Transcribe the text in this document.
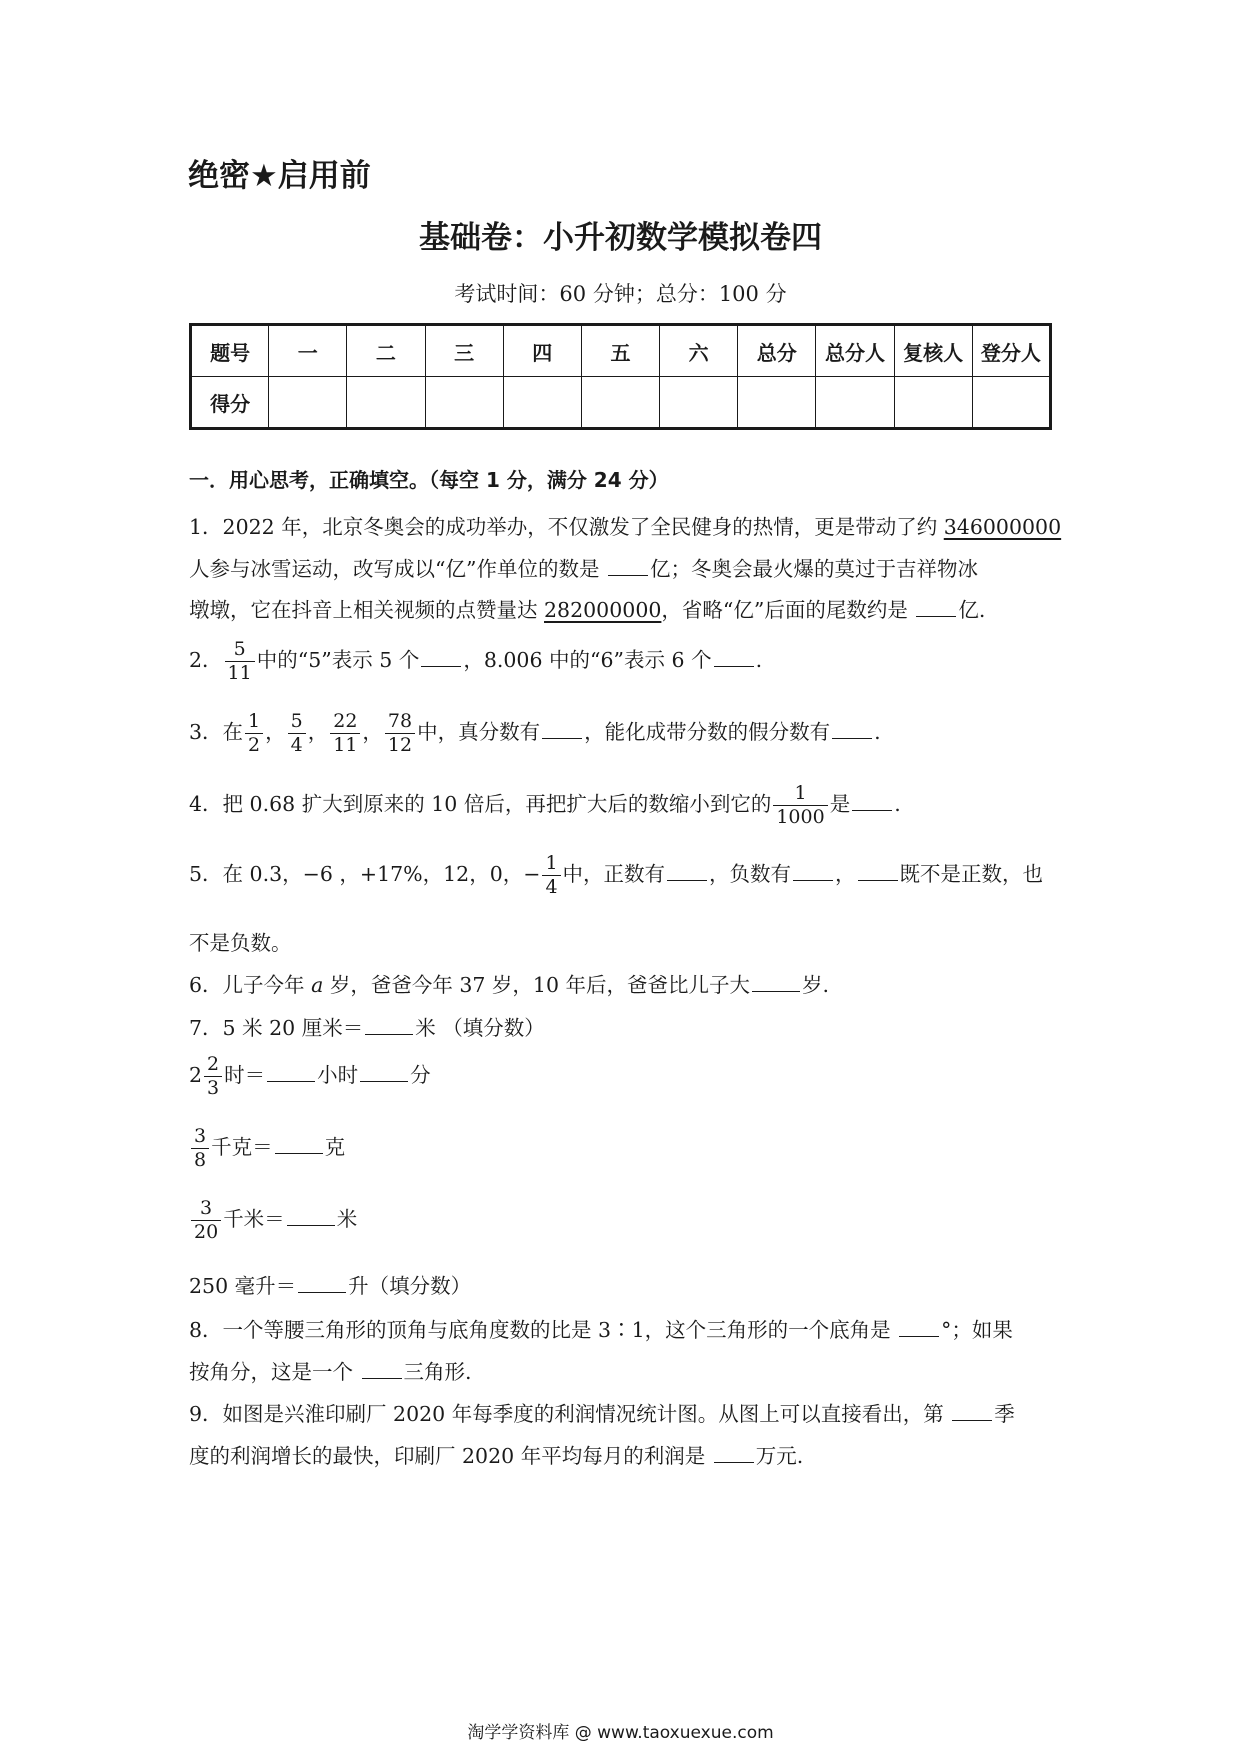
绝密★启用前
基础卷：小升初数学模拟卷四
考试时间：60 分钟；总分：100 分
题号	一	二	三	四	五	六	总分	总分人	复核人	登分人
得分										
一．用心思考，正确填空。（每空 1 分，满分 24 分）
1．2022 年，北京冬奥会的成功举办，不仅激发了全民健身的热情，更是带动了约 346000000
人参与冰雪运动，改写成以“亿”作单位的数是 亿；冬奥会最火爆的莫过于吉祥物冰
墩墩，它在抖音上相关视频的点赞量达 282000000，省略“亿”后面的尾数约是 亿.
2． $\frac{5}{11}$ 中的“5”表示 5 个 ，8.006 中的“6”表示 6 个 .
3．在 $\frac{1}{2}$ ， $\frac{5}{4}$ ， $\frac{22}{11}$ ， $\frac{78}{12}$ 中，真分数有 ，能化成带分数的假分数有 .
4．把 0.68 扩大到原来的 10 倍后，再把扩大后的数缩小到它的 $\frac{1}{1000}$ 是 .
5．在 0.3，−6 ，+17%，12，0，− $\frac{1}{4}$ 中，正数有 ，负数有 ， 既不是正数，也
不是负数。
6．儿子今年 a 岁，爸爸今年 37 岁，10 年后，爸爸比儿子大	岁.
7．5 米 20 厘米＝	米 （填分数）
$2 \frac{2}{3}$ 时＝	小时	分
$\frac{3}{8}$ 千克＝	克
$\frac{3}{20}$ 千米＝	米
250 毫升＝	升（填分数）
8．一个等腰三角形的顶角与底角度数的比是 3∶1，这个三角形的一个底角是 °；如果
按角分，这是一个 三角形.
9．如图是兴淮印刷厂 2020 年每季度的利润情况统计图。从图上可以直接看出，第 季
度的利润增长的最快，印刷厂 2020 年平均每月的利润是 万元.
淘学学资料库 @ www.taoxuexue.com
